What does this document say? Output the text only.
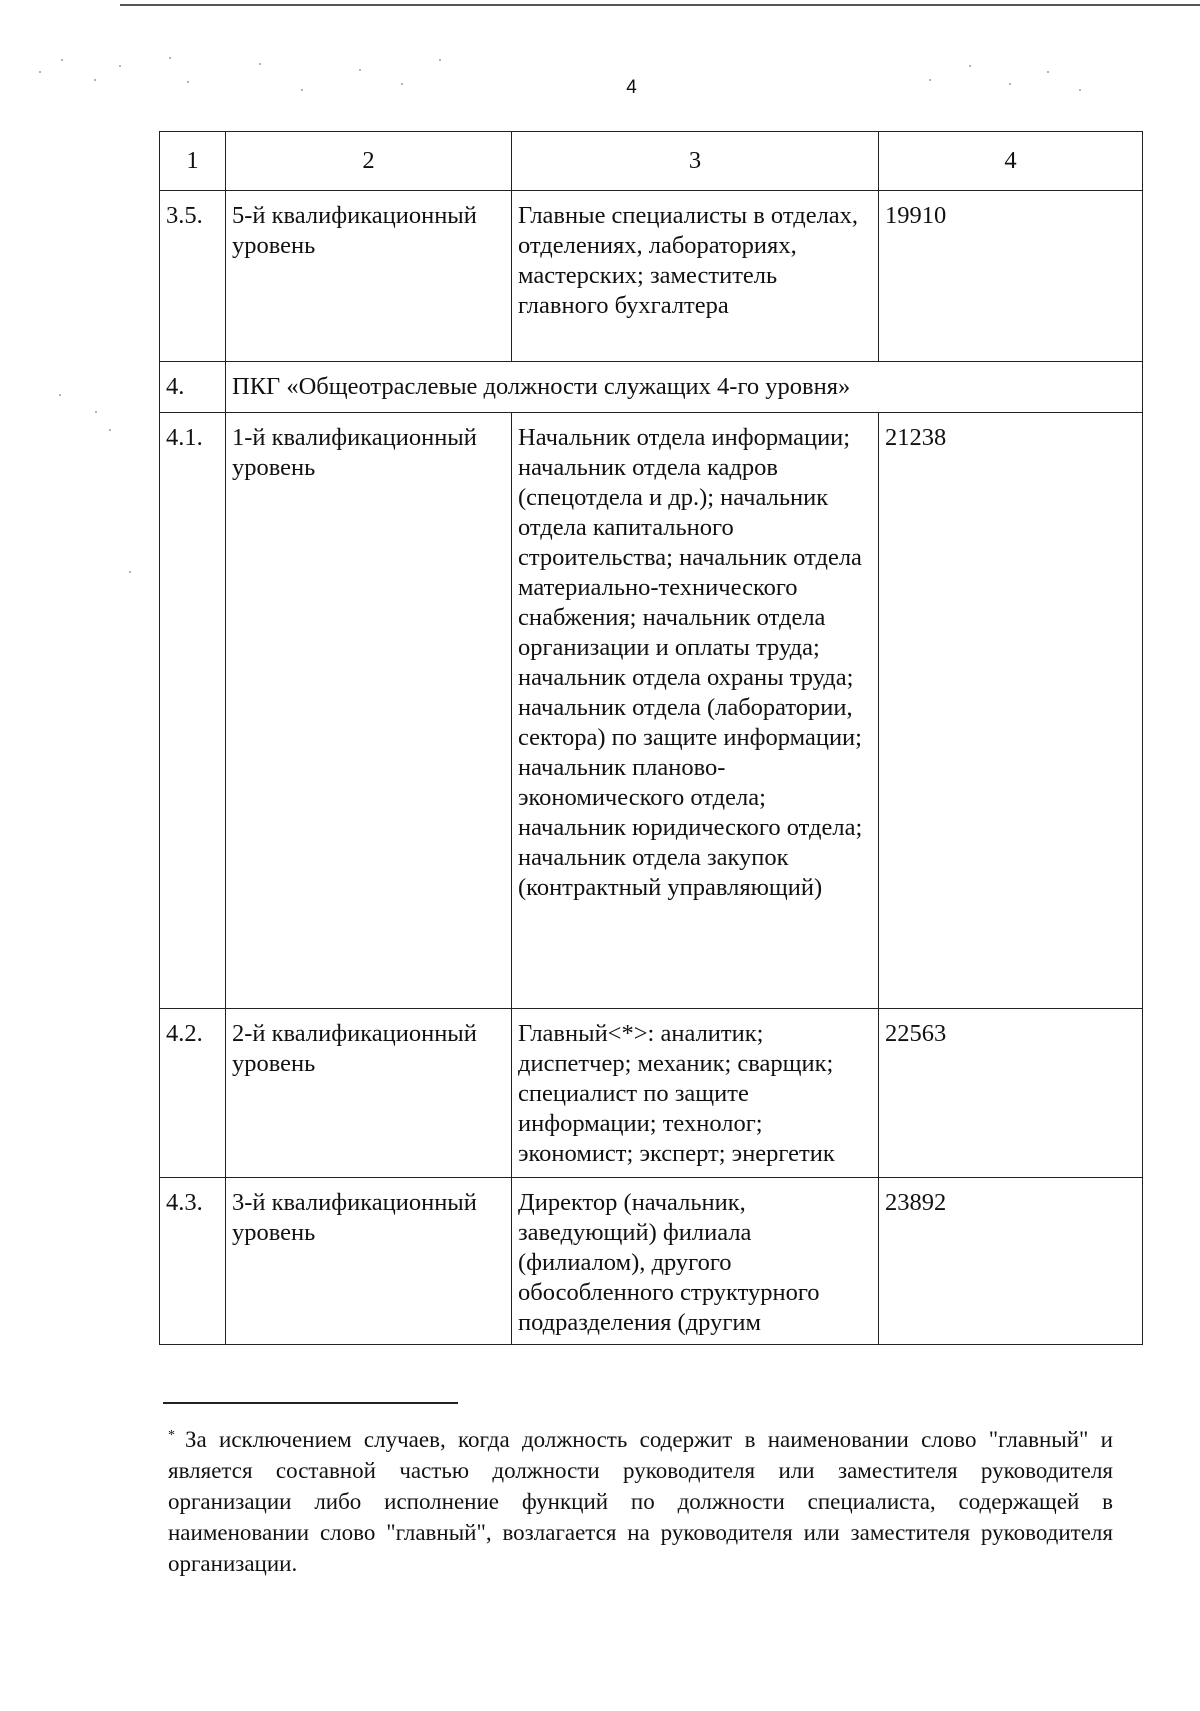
4
1	2	3	4
3.5.	5-й квалификационный уровень	Главные специалисты в отделах, отделениях, лабораториях, мастерских; заместитель главного бухгалтера	19910
4.	ПКГ «Общеотраслевые должности служащих 4-го уровня»		
4.1.	1-й квалификационный уровень	Начальник отдела информации; начальник отдела кадров (спецотдела и др.); начальник отдела капитального строительства; начальник отдела материально-технического снабжения; начальник отдела организации и оплаты труда; начальник отдела охраны труда; начальник отдела (лаборатории, сектора) по защите информации; начальник планово-экономического отдела; начальник юридического отдела; начальник отдела закупок (контрактный управляющий)	21238
4.2.	2-й квалификационный уровень	Главный<*>: аналитик; диспетчер; механик; сварщик; специалист по защите информации; технолог; экономист; эксперт; энергетик	22563
4.3.	3-й квалификационный уровень	Директор (начальник, заведующий) филиала (филиалом), другого обособленного структурного подразделения (другим	23892
* За исключением случаев, когда должность содержит в наименовании слово "главный" и является составной частью должности руководителя или заместителя руководителя организации либо исполнение функций по должности специалиста, содержащей в наименовании слово "главный", возлагается на руководителя или заместителя руководителя организации.
